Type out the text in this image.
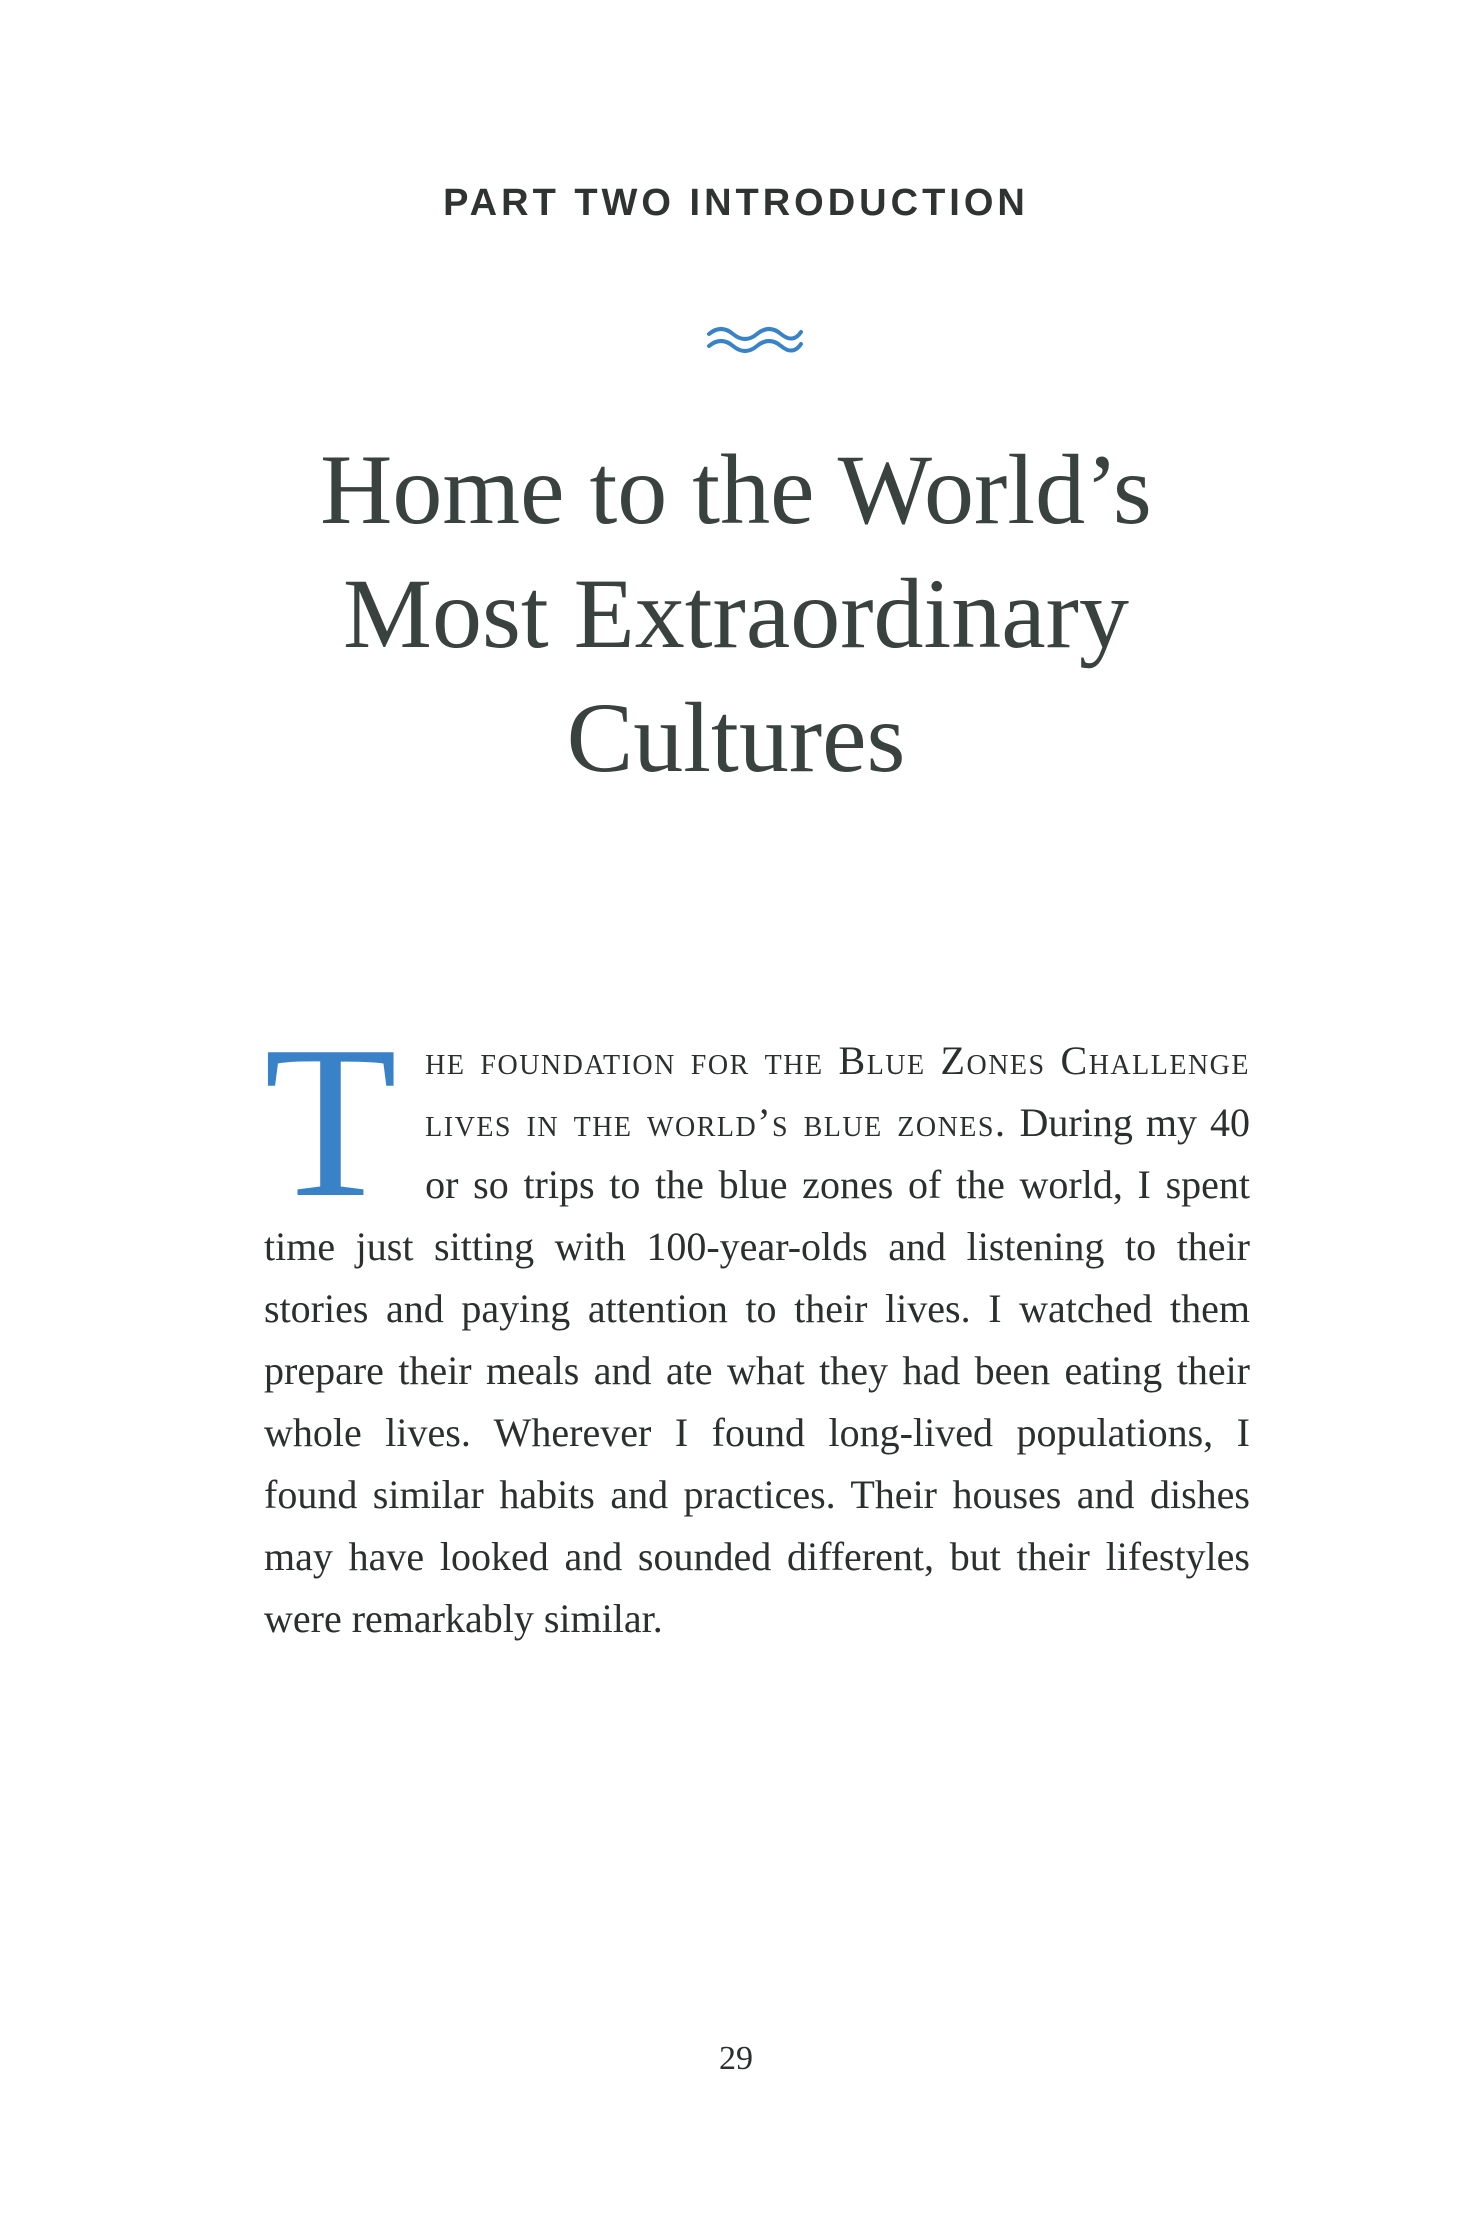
PART TWO INTRODUCTION
Home to the World’s
Most Extraordinary
Cultures

The foundation for the Blue Zones Challenge lives in the world’s blue zones. During my 40 or so trips to the blue zones of the world, I spent time just sitting with 100-year-olds and listening to their stories and paying attention to their lives. I watched them prepare their meals and ate what they had been eating their whole lives. Wherever I found long-lived populations, I found similar habits and practices. Their houses and dishes may have looked and sounded different, but their lifestyles were remarkably similar.

29
